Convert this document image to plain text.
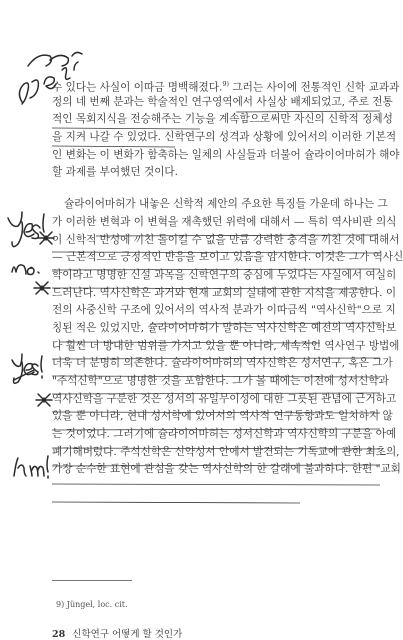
수 있다는 사실이 이따금 명백해졌다.$^{9)}$ 그러는 사이에 전통적인 신학 교과과
정의 네 번째 분과는 학술적인 연구영역에서 사실상 배제되었고, 주로 전통
적인 목회지식을 전승해주는 기능을 계속함으로써만 자신의 신학적 정체성
을 지켜 나갈 수 있었다. 신학연구의 성격과 상황에 있어서의 이러한 기본적
인 변화는 이 변화가 함축하는 일체의 사실들과 더불어 슐라이어마허가 해야
할 과제를 부여했던 것이다.
슐라이어마허가 내놓은 신학적 제안의 주요한 특징들 가운데 하나는 그
가 이러한 변혁과 이 변혁을 재촉했던 위력에 대해서 — 특히 역사비판 의식
이 신학적 반성에 끼친 돌이킬 수 없을 만큼 강력한 충격을 끼친 것에 대해서
— 근본적으로 긍정적인 반응을 보이고 있음을 암시한다. 이것은 그가 역사신
학이라고 명명한 신설 과목을 신학연구의 중심에 두었다는 사실에서 여실히
드러난다. 역사신학은 과거와 현재 교회의 실태에 관한 지식을 제공한다. 이
전의 사중신학 구조에 있어서의 역사적 분과가 이따금씩 "역사신학"으로 지
칭된 적은 있었지만, 슐라이어마허가 말하는 역사신학은 예전의 역사신학보
다 훨씬 더 방대한 범위를 가지고 있을 뿐 아니라, 세속적인 역사연구 방법에
더욱 더 분명히 의존한다. 슐라이어마허의 역사신학은 성서연구, 혹은 그가
"주석신학"으로 명명한 것을 포함한다. 그가 볼 때에는 이전에 성서신학과
역사신학을 구분한 것은 성서의 유일무이성에 대한 그릇된 관념에 근거하고
있을 뿐 아니라, 현대 성서학에 있어서의 역사적 연구동향과도 일치하지 않
는 것이었다. 그러기에 슐라이어마허는 성서신학과 역사신학의 구분을 아예
폐기해버렸다. 주석신학은 신약성서 안에서 발견되는 기독교에 관한 최초의,
가장 순수한 표현에 관심을 갖는 역사신학의 한 갈래에 불과하다. 한편 "교회
9) Jüngel, loc. cit.
28 신학연구 어떻게 할 것인가
